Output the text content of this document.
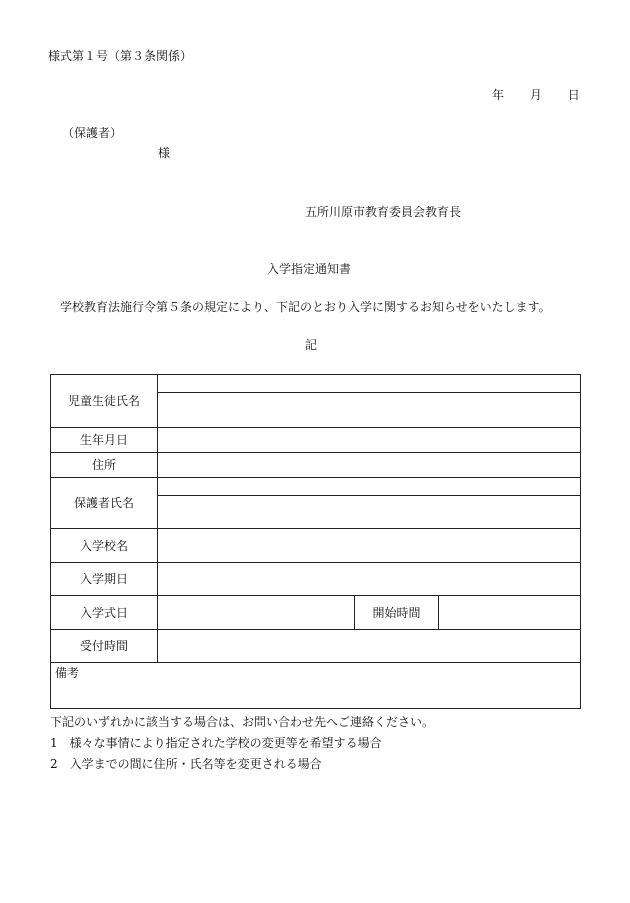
様式第１号（第３条関係）
年 月 日
（保護者）
様
五所川原市教育委員会教育長
入学指定通知書
学校教育法施行令第５条の規定により、下記のとおり入学に関するお知らせをいたします。
記
児童生徒氏名			

生年月日			
住所			
保護者氏名			

入学校名			
入学期日			
入学式日		開始時間	
受付時間			
備考			
下記のいずれかに該当する場合は、お問い合わせ先へご連絡ください。
1　様々な事情により指定された学校の変更等を希望する場合
2　入学までの間に住所・氏名等を変更される場合
